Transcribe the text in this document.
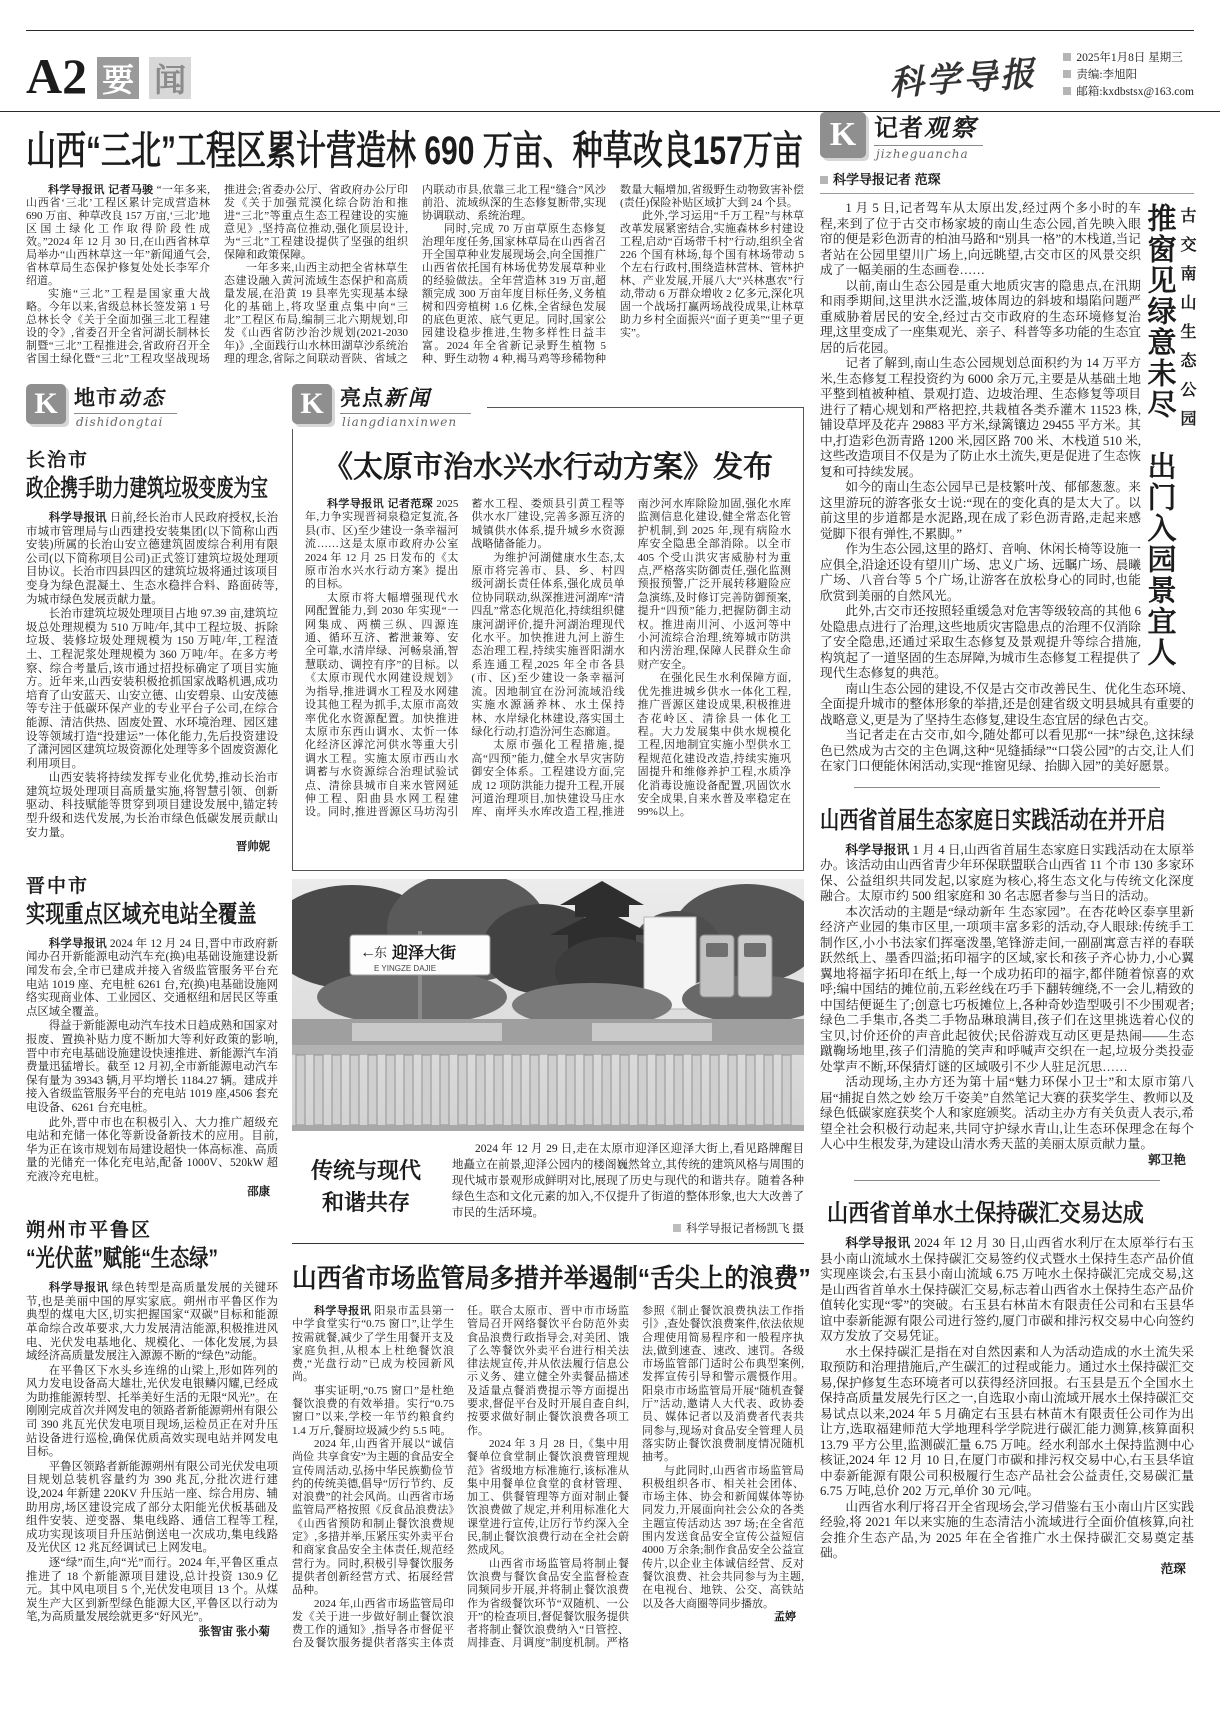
A2 要 闻	科学导报	2025年1月8日 星期三
责编:李旭阳
邮箱:kxdbstsx@163.com
山西“三北”工程区累计营造林 690 万亩、种草改良157万亩

科学导报讯 记者马骏 “一年多来,山西省‘三北’工程区累计完成营造林 690 万亩、种草改良 157 万亩,‘三北’地区国土绿化工作取得阶段性成效。”2024 年 12 月 30 日,在山西省林草局举办“山西林草这一年”新闻通气会,省林草局生态保护修复处处长李军介绍道。

实施“三北”工程是国家重大战略。今年以来,省级总林长签发第 1 号总林长令《关于全面加强三北工程建设的令》,省委召开全省河湖长制林长制暨“三北”工程推进会,省政府召开全省国土绿化暨“三北”工程攻坚战现场推进会;省委办公厅、省政府办公厅印发《关于加强荒漠化综合防治和推进“三北”等重点生态工程建设的实施意见》,坚持高位推动,强化顶层设计,为“三北”工程建设提供了坚强的组织保障和政策保障。

一年多来,山西主动把全省林草生态建设融入黄河流域生态保护和高质量发展,在沿黄 19 县率先实现基本绿化的基础上,将攻坚重点集中向“三北”工程区布局,编制三北六期规划,印发《山西省防沙治沙规划(2021-2030 年)》,全面践行山水林田湖草沙系统治理的理念,省际之间联动晋陕、省域之内联动市县,依靠三北工程“缝合”风沙前沿、流域纵深的生态修复断带,实现协调联动、系统治理。

同时,完成 70 万亩草原生态修复治理年度任务,国家林草局在山西省召开全国草种业发展现场会,向全国推广山西省依托国有林场优势发展草种业的经验做法。全年营造林 319 万亩,超额完成 300 万亩年度目标任务,义务植树和四旁植树 1.6 亿株,全省绿色发展的底色更浓、底气更足。同时,国家公园建设稳步推进,生物多样性日益丰富。2024 年全省新记录野生植物 5 种、野生动物 4 种,褐马鸡等珍稀物种数量大幅增加,省级野生动物致害补偿(责任)保险补贴区域扩大到 24 个县。

此外,学习运用“千万工程”与林草改革发展紧密结合,实施森林乡村建设工程,启动“百场带千村”行动,组织全省 226 个国有林场,每个国有林场带动 5 个左右行政村,围绕造林营林、管林护林、产业发展,开展八大“兴林惠农”行动,带动 6 万群众增收 2 亿多元,深化巩固一个战场打赢两场战役成果,让林草助力乡村全面振兴“面子更美”“里子更实”。

K 地市动态
dishidongtai
长治市
政企携手助力建筑垃圾变废为宝

科学导报讯 日前,经长治市人民政府授权,长治市城市管理局与山西建投安装集团(以下简称山西安装)所属的长治山安立德建筑固废综合利用有限公司(以下简称项目公司)正式签订建筑垃圾处理项目协议。长治市四县四区的建筑垃圾将通过该项目变身为绿色混凝土、生态水稳拌合料、路面砖等,为城市绿色发展贡献力量。

长治市建筑垃圾处理项目占地 97.39 亩,建筑垃圾总处理规模为 510 万吨/年,其中工程垃圾、拆除垃圾、装修垃圾处理规模为 150 万吨/年,工程渣土、工程泥浆处理规模为 360 万吨/年。在多方考察、综合考量后,该市通过招投标确定了项目实施方。近年来,山西安装积极抢抓国家战略机遇,成功培育了山安蓝天、山安立德、山安碧泉、山安茂德等专注于低碳环保产业的专业平台子公司,在综合能源、清洁供热、固废处置、水环境治理、园区建设等领域打造“投建运”一体化能力,先后投资建设了潇河园区建筑垃圾资源化处理等多个固废资源化利用项目。

山西安装将持续发挥专业化优势,推动长治市建筑垃圾处理项目高质量实施,将智慧引领、创新驱动、科技赋能等贯穿到项目建设发展中,锚定转型升级和迭代发展,为长治市绿色低碳发展贡献山安力量。

晋帅妮

晋中市
实现重点区域充电站全覆盖

科学导报讯 2024 年 12 月 24 日,晋中市政府新闻办召开新能源电动汽车充(换)电基础设施建设新闻发布会,全市已建成并接入省级监管服务平台充电站 1019 座、充电桩 6261 台,充(换)电基础设施网络实现商业体、工业园区、交通枢纽和居民区等重点区域全覆盖。

得益于新能源电动汽车技术日趋成熟和国家对报废、置换补贴力度不断加大等利好政策的影响,晋中市充电基础设施建设快速推进、新能源汽车消费量迅猛增长。截至 12 月初,全市新能源电动汽车保有量为 39343 辆,月平均增长 1184.27 辆。建成并接入省级监管服务平台的充电站 1019 座,4506 套充电设备、6261 台充电桩。

此外,晋中市也在积极引入、大力推广超级充电站和充储一体化等新设备新技术的应用。目前,华为正在该市规划布局建设超快一体高标准、高质量的光储充一体化充电站,配备 1000V、520kW 超充液冷充电桩。

邵康

朔州市平鲁区
“光伏蓝”赋能“生态绿”

科学导报讯 绿色转型是高质量发展的关键环节,也是美丽中国的厚实家底。朔州市平鲁区作为典型的煤电大区,切实把握国家“双碳”目标和能源革命综合改革要求,大力发展清洁能源,积极推进风电、光伏发电基地化、规模化、一体化发展,为县域经济高质量发展注入源源不断的“绿色”动能。

在平鲁区下水头乡连绵的山梁上,形如阵列的风力发电设备高大雄壮,光伏发电银鳞闪耀,已经成为助推能源转型、托举美好生活的无限“风光”。在刚刚完成首次并网发电的领路者新能源朔州有限公司 390 兆瓦光伏发电项目现场,运检员正在对升压站设备进行巡检,确保优质高效实现电站并网发电目标。

平鲁区领路者新能源朔州有限公司光伏发电项目规划总装机容量约为 390 兆瓦,分批次进行建设,2024 年新建 220KV 升压站一座、综合用房、辅助用房,场区建设完成了部分太阳能光伏板基础及组件安装、逆变器、集电线路、通信工程等工程,成功实现该项目升压站倒送电一次成功,集电线路及光伏区 12 兆瓦经调试已上网发电。

逐“绿”而生,向“光”而行。2024 年,平鲁区重点推进了 18 个新能源项目建设,总计投资 130.9 亿元。其中风电项目 5 个,光伏发电项目 13 个。从煤炭生产大区到新型绿色能源大区,平鲁区以行动为笔,为高质量发展绘就更多“好风光”。

张智宙 张小菊

K 亮点新闻
liangdianxinwen
《太原市治水兴水行动方案》发布

科学导报讯 记者范琛 2025年,力争实现晋祠泉稳定复流,各县(市、区)至少建设一条幸福河流……这是太原市政府办公室 2024 年 12 月 25 日发布的《太原市治水兴水行动方案》提出的目标。

太原市将大幅增强现代水网配置能力,到 2030 年实现“一网集成、两横三纵、四源连通、循环互济、蓄泄兼筹、安全可靠,水清岸绿、河畅泉涌,智慧联动、调控有序”的目标。以《太原市现代水网建设规划》为指导,推进调水工程及水网建设其他工程为抓手,太原市高效率优化水资源配置。加快推进太原市东西山调水、太忻一体化经济区滹沱河供水等重大引调水工程。实施太原市西山水调蓄与水资源综合治理试验试点、清徐县城市自来水管网延伸工程、阳曲县水网工程建设。同时,推进晋源区马坊沟引蓄水工程、娄烦县引黄工程等供水水厂建设,完善多源互济的城镇供水体系,提升城乡水资源战略储备能力。

为维护河湖健康水生态,太原市将完善市、县、乡、村四级河湖长责任体系,强化成员单位协同联动,纵深推进河湖库“清四乱”常态化规范化,持续组织健康河湖评价,提升河湖治理现代化水平。加快推进九河上游生态治理工程,持续实施晋阳湖水系连通工程,2025 年全市各县(市、区)至少建设一条幸福河流。因地制宜在汾河流域沿线实施水源涵养林、水土保持林、水岸绿化林建设,落实国土绿化行动,打造汾河生态廊道。

太原市强化工程措施,提高“四预”能力,健全水旱灾害防御安全体系。工程建设方面,完成 12 项防洪能力提升工程,开展河道治理项目,加快建设马庄水库、南坪头水库改造工程,推进南沙河水库除险加固,强化水库监测信息化建设,健全常态化管护机制,到 2025 年,现有病险水库安全隐患全部消除。以全市 405 个受山洪灾害威胁村为重点,严格落实防御责任,强化监测预报预警,广泛开展转移避险应急演练,及时修订完善防御预案,提升“四预”能力,把握防御主动权。推进南川河、小返河等中小河流综合治理,统筹城市防洪和内涝治理,保障人民群众生命财产安全。

在强化民生水利保障方面,优先推进城乡供水一体化工程,推广晋源区建设成果,积极推进杏花岭区、清徐县一体化工程。大力发展集中供水规模化工程,因地制宜实施小型供水工程规范化建设改造,持续实施巩固提升和维修养护工程,水质净化消毒设施设备配置,巩固饮水安全成果,自来水普及率稳定在 99%以上。

←
东 迎泽大街
E YINGZE DAJIE
传统与现代
和谐共存

2024 年 12 月 29 日,走在太原市迎泽区迎泽大街上,看见路牌醒目地矗立在前景,迎泽公园内的楼阁巍然耸立,其传统的建筑风格与周围的现代城市景观形成鲜明对比,展现了历史与现代的和谐共存。随着各种绿色生态和文化元素的加入,不仅提升了街道的整体形象,也大大改善了市民的生活环境。

科学导报记者杨凯飞 摄

山西省市场监管局多措并举遏制“舌尖上的浪费”

科学导报讯 阳泉市盂县第一中学食堂实行“0.75 窗口”,让学生按需就餐,减少了学生用餐开支及家庭负担,从根本上杜绝餐饮浪费,“光盘行动”已成为校园新风尚。

事实证明,“0.75 窗口”是杜绝餐饮浪费的有效举措。实行“0.75 窗口”以来,学校一年节约粮食约 1.4 万斤,餐厨垃圾减少约 5.5 吨。

2024 年,山西省开展以“诚信尚俭 共享食安”为主题的食品安全宣传周活动,弘扬中华民族勤俭节约的传统美德,倡导“厉行节约、反对浪费”的社会风尚。山西省市场监管局严格按照《反食品浪费法》《山西省预防和制止餐饮浪费规定》,多措并举,压紧压实外卖平台和商家食品安全主体责任,规范经营行为。同时,积极引导餐饮服务提供者创新经营方式、拓展经营品种。

2024 年,山西省市场监管局印发《关于进一步做好制止餐饮浪费工作的通知》,指导各市督促平台及餐饮服务提供者落实主体责任。联合太原市、晋中市市场监管局召开网络餐饮平台防范外卖食品浪费行政指导会,对美团、饿了么等餐饮外卖平台进行相关法律法规宣传,并从依法履行信息公示义务、建立健全外卖餐品描述及适量点餐消费提示等方面提出要求,督促平台及时开展自查自纠,按要求做好制止餐饮浪费各项工作。

2024 年 3 月 28 日,《集中用餐单位食堂制止餐饮浪费管理规范》省级地方标准施行,该标准从集中用餐单位食堂的食材管理、加工、供餐管理等方面对制止餐饮浪费做了规定,并利用标准化大课堂进行宣传,让厉行节约深入全民,制止餐饮浪费行动在全社会蔚然成风。

山西省市场监管局将制止餐饮浪费与餐饮食品安全监督检查同频同步开展,并将制止餐饮浪费作为省级餐饮环节“双随机、一公开”的检查项目,督促餐饮服务提供者将制止餐饮浪费纳入“日管控、周排查、月调度”制度机制。严格参照《制止餐饮浪费执法工作指引》,查处餐饮浪费案件,依法依规合理使用简易程序和一般程序执法,做到速查、速改、速罚。各级市场监管部门适时公布典型案例,发挥宣传引导和警示震慑作用。阳泉市市场监管局开展“随机查餐厅”活动,邀请人大代表、政协委员、媒体记者以及消费者代表共同参与,现场对食品安全管理人员落实防止餐饮浪费制度情况随机抽考。

与此同时,山西省市场监管局积极组织各市、相关社会团体、市场主体、协会和新闻媒体等协同发力,开展面向社会公众的各类主题宣传活动达 397 场;在全省范围内发送食品安全宣传公益短信 4000 万余条;制作食品安全公益宣传片,以企业主体诚信经营、反对餐饮浪费、社会共同参与为主题,在电视台、地铁、公交、高铁站以及各大商圈等同步播放。

孟婷

K 记者观察
jizheguancha
科学导报记者 范琛
古交南山生态公园
推窗见绿意未尽　出门入园景宜人

1 月 5 日,记者驾车从太原出发,经过两个多小时的车程,来到了位于古交市杨家坡的南山生态公园,首先映入眼帘的便是彩色沥青的柏油马路和“别具一格”的木栈道,当记者站在公园里望川广场上,向远眺望,古交市区的风景交织成了一幅美丽的生态画卷……

以前,南山生态公园是重大地质灾害的隐患点,在汛期和雨季期间,这里洪水泛滥,坡体周边的斜坡和塌陷问题严重威胁着居民的安全,经过古交市政府的生态环境修复治理,这里变成了一座集观光、亲子、科普等多功能的生态宜居的后花园。

记者了解到,南山生态公园规划总面积约为 14 万平方米,生态修复工程投资约为 6000 余万元,主要是从基础土地平整到植被种植、景观打造、边坡治理、生态修复等项目进行了精心规划和严格把控,共栽植各类乔灌木 11523 株,铺设草坪及花卉 29883 平方米,绿篱镶边 29455 平方米。其中,打造彩色沥青路 1200 米,园区路 700 米、木栈道 510 米,这些改造项目不仅是为了防止水土流失,更是促进了生态恢复和可持续发展。

如今的南山生态公园早已是枝繁叶茂、郁郁葱葱。来这里游玩的游客张女士说:“现在的变化真的是太大了。以前这里的步道都是水泥路,现在成了彩色沥青路,走起来感觉脚下很有弹性,不累脚。”

作为生态公园,这里的路灯、音响、休闲长椅等设施一应俱全,沿途还设有望川广场、忠义广场、远瞩广场、晨曦广场、八音台等 5 个广场,让游客在放松身心的同时,也能欣赏到美丽的自然风光。

此外,古交市还按照轻重缓急对危害等级较高的其他 6 处隐患点进行了治理,这些地质灾害隐患点的治理不仅消除了安全隐患,还通过采取生态修复及景观提升等综合措施,构筑起了一道坚固的生态屏障,为城市生态修复工程提供了现代生态修复的典范。

南山生态公园的建设,不仅是古交市改善民生、优化生态环境、全面提升城市的整体形象的举措,还是创建省级文明县城具有重要的战略意义,更是为了坚持生态修复,建设生态宜居的绿色古交。

当记者走在古交市,如今,随处都可以看见那“一抹”绿色,这抹绿色已然成为古交的主色调,这种“见缝插绿”“口袋公园”的古交,让人们在家门口便能休闲活动,实现“推窗见绿、抬脚入园”的美好愿景。

山西省首届生态家庭日实践活动在并开启

科学导报讯 1 月 4 日,山西省首届生态家庭日实践活动在太原举办。该活动由山西省青少年环保联盟联合山西省 11 个市 130 多家环保、公益组织共同发起,以家庭为核心,将生态文化与传统文化深度融合。太原市约 500 组家庭和 30 名志愿者参与当日的活动。

本次活动的主题是“绿动新年 生态家园”。在杏花岭区泰享里新经济产业园的集市区里,一项项丰富多彩的活动,夺人眼球:传统手工制作区,小小书法家们挥毫泼墨,笔锋游走间,一副副寓意吉祥的春联跃然纸上、墨香四溢;拓印福字的区域,家长和孩子齐心协力,小心翼翼地将福字拓印在纸上,每一个成功拓印的福字,都伴随着惊喜的欢呼;编中国结的摊位前,五彩丝线在巧手下翻转缠绕,不一会儿,精致的中国结便诞生了;创意七巧板摊位上,各种奇妙造型吸引不少围观者;绿色二手集市,各类二手物品琳琅满目,孩子们在这里挑选着心仪的宝贝,讨价还价的声音此起彼伏;民俗游戏互动区更是热闹——生态蹴鞠场地里,孩子们清脆的笑声和呼喊声交织在一起,垃圾分类投壶处掌声不断,环保猜灯谜的区域吸引不少人驻足沉思……

活动现场,主办方还为第十届“魅力环保小卫士”和太原市第八届“捕捉自然之妙 绘万千姿美”自然笔记大赛的获奖学生、教师以及绿色低碳家庭获奖个人和家庭颁奖。活动主办方有关负责人表示,希望全社会积极行动起来,共同守护绿水青山,让生态环保理念在每个人心中生根发芽,为建设山清水秀天蓝的美丽太原贡献力量。

郭卫艳

山西省首单水土保持碳汇交易达成

科学导报讯 2024 年 12 月 30 日,山西省水利厅在太原举行右玉县小南山流域水土保持碳汇交易签约仪式暨水土保持生态产品价值实现座谈会,右玉县小南山流域 6.75 万吨水土保持碳汇完成交易,这是山西省首单水土保持碳汇交易,标志着山西省水土保持生态产品价值转化实现“零”的突破。右玉县右林苗木有限责任公司和右玉县华谊中泰新能源有限公司进行签约,厦门市碳和排污权交易中心向签约双方发放了交易凭证。

水土保持碳汇是指在对自然因素和人为活动造成的水土流失采取预防和治理措施后,产生碳汇的过程或能力。通过水土保持碳汇交易,保护修复生态环境者可以获得经济回报。右玉县是五个全国水土保持高质量发展先行区之一,自选取小南山流域开展水土保持碳汇交易试点以来,2024 年 5 月确定右玉县右林苗木有限责任公司作为出让方,选取福建师范大学地理科学学院进行碳汇能力测算,核算面积 13.79 平方公里,监测碳汇量 6.75 万吨。经水利部水土保持监测中心核证,2024 年 12 月 10 日,在厦门市碳和排污权交易中心,右玉县华谊中泰新能源有限公司积极履行生态产品社会公益责任,交易碳汇量 6.75 万吨,总价 202 万元,单价 30 元/吨。

山西省水利厅将召开全省现场会,学习借鉴右玉小南山片区实践经验,将 2021 年以来实施的生态清洁小流域进行全面价值核算,向社会推介生态产品,为 2025 年在全省推广水土保持碳汇交易奠定基础。

范琛
